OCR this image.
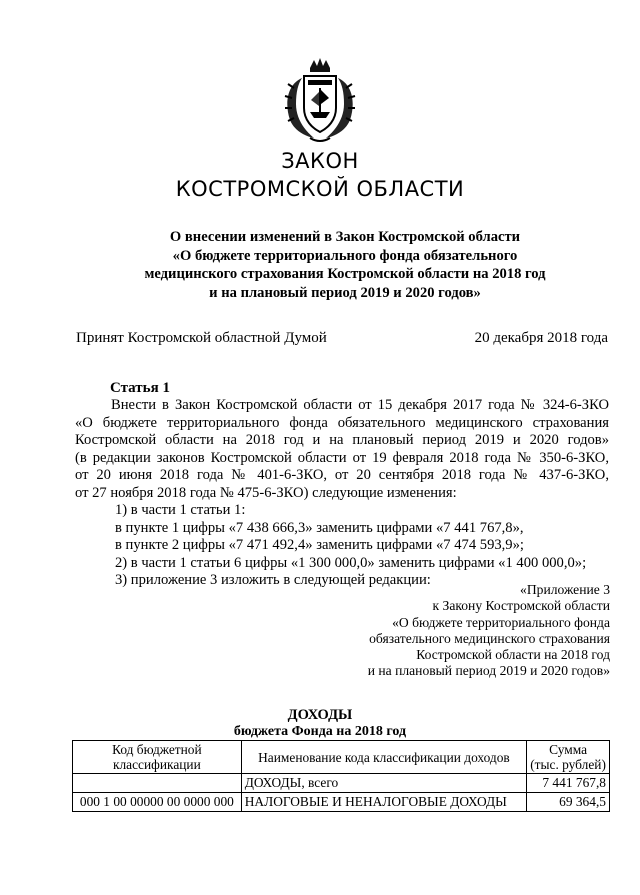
ЗАКОН
КОСТРОМСКОЙ ОБЛАСТИ
О внесении изменений в Закон Костромской области
«О бюджете территориального фонда обязательного
медицинского страхования Костромской области на 2018 год
и на плановый период 2019 и 2020 годов»
Принят Костромской областной Думой	20 декабря 2018 года
Статья 1
Внести в Закон Костромской области от 15 декабря 2017 года № 324-6-ЗКО
«О бюджете территориального фонда обязательного медицинского страхования
Костромской области на 2018 год и на плановый период 2019 и 2020 годов»
(в редакции законов Костромской области от 19 февраля 2018 года № 350-6-ЗКО,
от 20 июня 2018 года № 401-6-ЗКО, от 20 сентября 2018 года № 437-6-ЗКО,
от 27 ноября 2018 года № 475-6-ЗКО) следующие изменения:
1) в части 1 статьи 1:
в пункте 1 цифры «7 438 666,3» заменить цифрами «7 441 767,8»,
в пункте 2 цифры «7 471 492,4» заменить цифрами «7 474 593,9»;
2) в части 1 статьи 6 цифры «1 300 000,0» заменить цифрами «1 400 000,0»;
3) приложение 3 изложить в следующей редакции:
«Приложение 3
к Закону Костромской области
«О бюджете территориального фонда
обязательного медицинского страхования
Костромской области на 2018 год
и на плановый период 2019 и 2020 годов»
ДОХОДЫ
бюджета Фонда на 2018 год
Код бюджетной классификации	Наименование кода классификации доходов	Сумма
(тыс. рублей)
	ДОХОДЫ, всего	7 441 767,8
000 1 00 00000 00 0000 000	НАЛОГОВЫЕ И НЕНАЛОГОВЫЕ ДОХОДЫ	69 364,5
